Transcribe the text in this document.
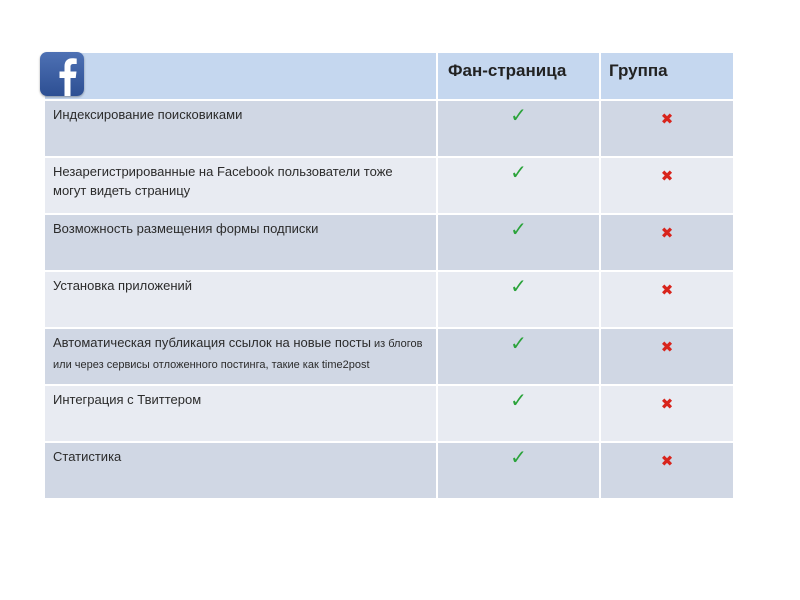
	Фан-страница	Группа

Индексирование поисковиками	✓	✖
Незарегистрированные на Facebook пользователи тоже могут видеть страницу	✓	✖
Возможность размещения формы подписки	✓	✖
Установка приложений	✓	✖
Автоматическая публикация ссылок на новые посты из блогов или через сервисы отложенного постинга, такие как time2post	✓	✖
Интеграция с Твиттером	✓	✖
Статистика	✓	✖
